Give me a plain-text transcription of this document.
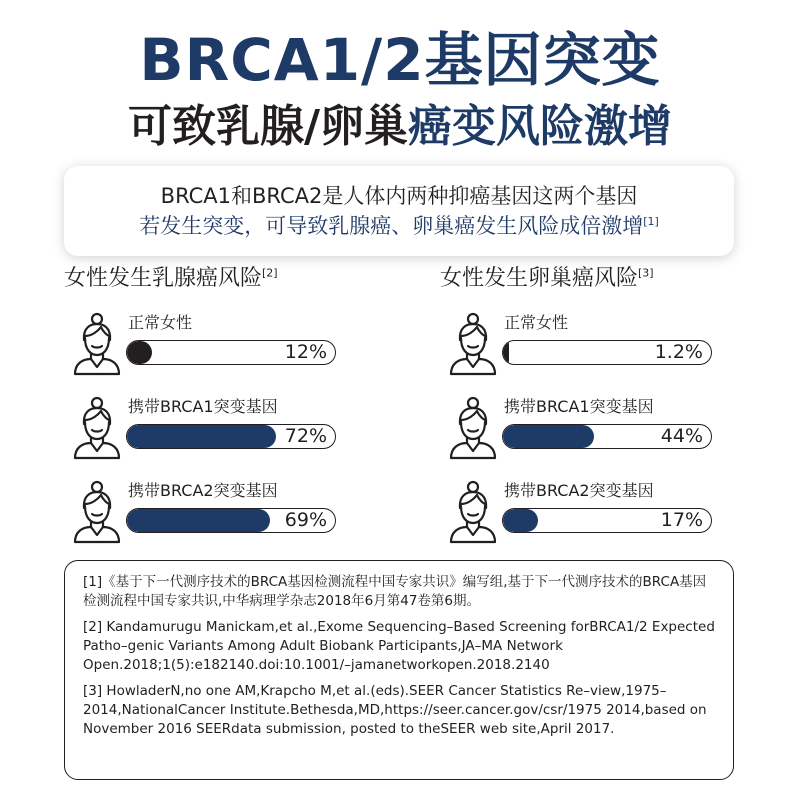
BRCA1/2基因突变
可致乳腺/卵巢癌变风险激增
BRCA1和BRCA2是人体内两种抑癌基因这两个基因
若发生突变，可导致乳腺癌、卵巢癌发生风险成倍激增[1]
女性发生乳腺癌风险[2]
正常女性
12%
携带BRCA1突变基因
72%
携带BRCA2突变基因
69%
女性发生卵巢癌风险[3]
正常女性
1.2%
携带BRCA1突变基因
44%
携带BRCA2突变基因
17%

[1]《基于下一代测序技术的BRCA基因检测流程中国专家共识》编写组,基于下一代测序技术的BRCA基因检测流程中国专家共识,中华病理学杂志2018年6月第47卷第6期。

[2] Kandamurugu Manickam,et al.,Exome Sequencing–Based Screening forBRCA1/2 Expected Patho–genic Variants Among Adult Biobank Participants,JA–MA Network Open.2018;1(5):e182140.doi:10.1001/–jamanetworkopen.2018.2140

[3] HowladerN,no one AM,Krapcho M,et al.(eds).SEER Cancer Statistics Re–view,1975–2014,NationalCancer Institute.Bethesda,MD,https://seer.cancer.gov/csr/1975 2014,based on November 2016 SEERdata submission, posted to theSEER web site,April 2017.
